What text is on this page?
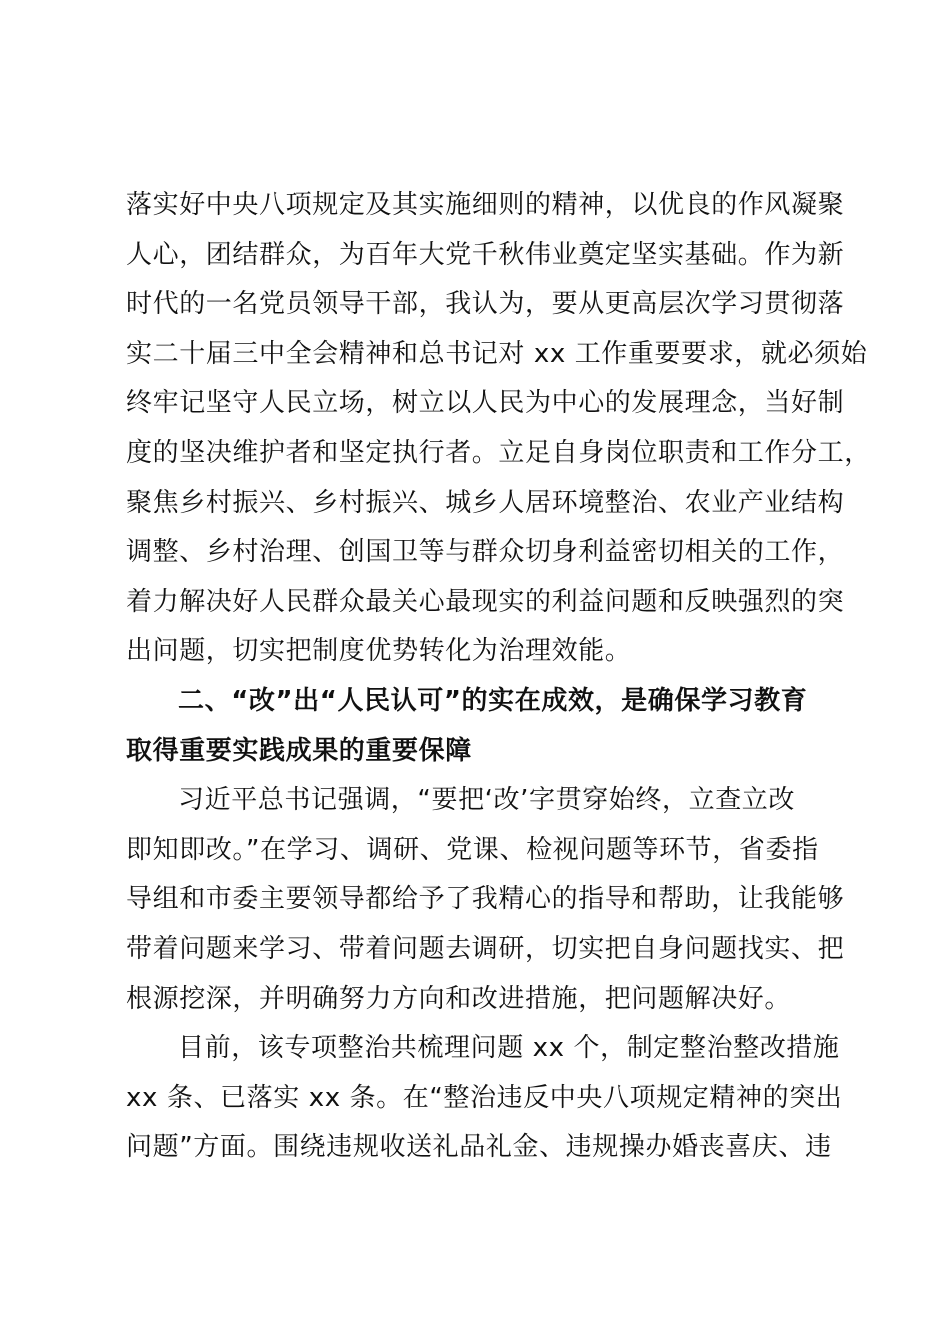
落实好中央八项规定及其实施细则的精神，以优良的作风凝聚
人心，团结群众，为百年大党千秋伟业奠定坚实基础。作为新
时代的一名党员领导干部，我认为，要从更高层次学习贯彻落
实二十届三中全会精神和总书记对 xx 工作重要要求，就必须始
终牢记坚守人民立场，树立以人民为中心的发展理念，当好制
度的坚决维护者和坚定执行者。立足自身岗位职责和工作分工，
聚焦乡村振兴、乡村振兴、城乡人居环境整治、农业产业结构
调整、乡村治理、创国卫等与群众切身利益密切相关的工作，
着力解决好人民群众最关心最现实的利益问题和反映强烈的突
出问题，切实把制度优势转化为治理效能。
二、“改”出“人民认可”的实在成效，是确保学习教育
取得重要实践成果的重要保障
习近平总书记强调，“要把‘改’字贯穿始终，立查立改
即知即改。”在学习、调研、党课、检视问题等环节，省委指
导组和市委主要领导都给予了我精心的指导和帮助，让我能够
带着问题来学习、带着问题去调研，切实把自身问题找实、把
根源挖深，并明确努力方向和改进措施，把问题解决好。
目前，该专项整治共梳理问题 xx 个，制定整治整改措施
xx 条、已落实 xx 条。在“整治违反中央八项规定精神的突出
问题”方面。围绕违规收送礼品礼金、违规操办婚丧喜庆、违
